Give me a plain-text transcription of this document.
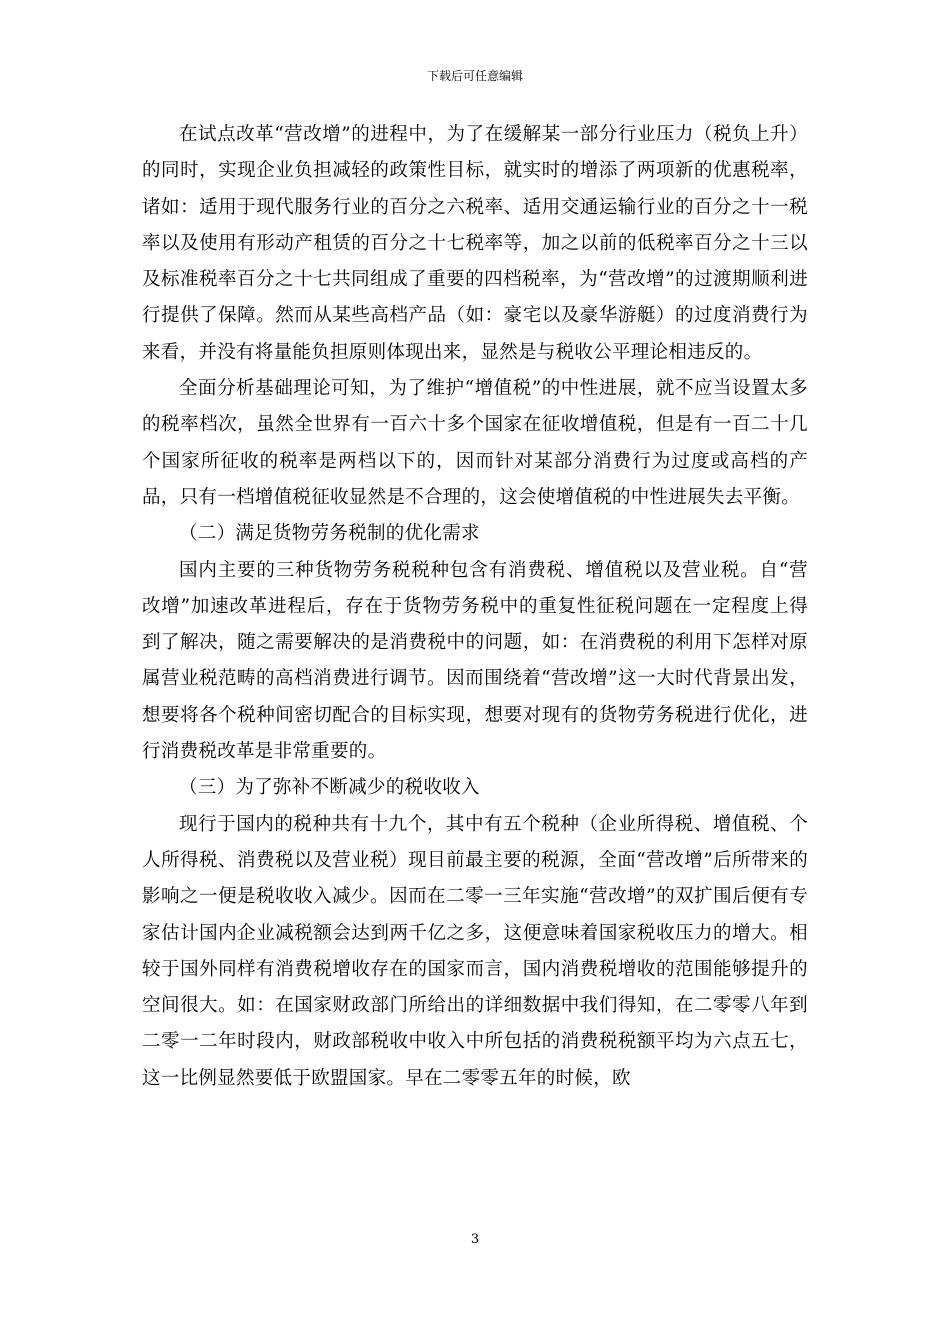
下载后可任意编辑

在试点改革“营改增”的进程中，为了在缓解某一部分行业压力（税负上升）的同时，实现企业负担减轻的政策性目标，就实时的增添了两项新的优惠税率，诸如：适用于现代服务行业的百分之六税率、适用交通运输行业的百分之十一税率以及使用有形动产租赁的百分之十七税率等，加之以前的低税率百分之十三以及标准税率百分之十七共同组成了重要的四档税率，为“营改增”的过渡期顺利进行提供了保障。然而从某些高档产品（如：豪宅以及豪华游艇）的过度消费行为来看，并没有将量能负担原则体现出来，显然是与税收公平理论相违反的。

全面分析基础理论可知，为了维护“增值税”的中性进展，就不应当设置太多的税率档次，虽然全世界有一百六十多个国家在征收增值税，但是有一百二十几个国家所征收的税率是两档以下的，因而针对某部分消费行为过度或高档的产品，只有一档增值税征收显然是不合理的，这会使增值税的中性进展失去平衡。

（二）满足货物劳务税制的优化需求

国内主要的三种货物劳务税税种包含有消费税、增值税以及营业税。自“营改增”加速改革进程后，存在于货物劳务税中的重复性征税问题在一定程度上得到了解决，随之需要解决的是消费税中的问题，如：在消费税的利用下怎样对原属营业税范畴的高档消费进行调节。因而围绕着“营改增”这一大时代背景出发，想要将各个税种间密切配合的目标实现，想要对现有的货物劳务税进行优化，进行消费税改革是非常重要的。

（三）为了弥补不断减少的税收收入

现行于国内的税种共有十九个，其中有五个税种（企业所得税、增值税、个人所得税、消费税以及营业税）现目前最主要的税源，全面“营改增”后所带来的影响之一便是税收收入减少。因而在二零一三年实施“营改增”的双扩围后便有专家估计国内企业减税额会达到两千亿之多，这便意味着国家税收压力的增大。相较于国外同样有消费税增收存在的国家而言，国内消费税增收的范围能够提升的空间很大。如：在国家财政部门所给出的详细数据中我们得知，在二零零八年到二零一二年时段内，财政部税收中收入中所包括的消费税税额平均为六点五七，这一比例显然要低于欧盟国家。早在二零零五年的时候，欧

3
